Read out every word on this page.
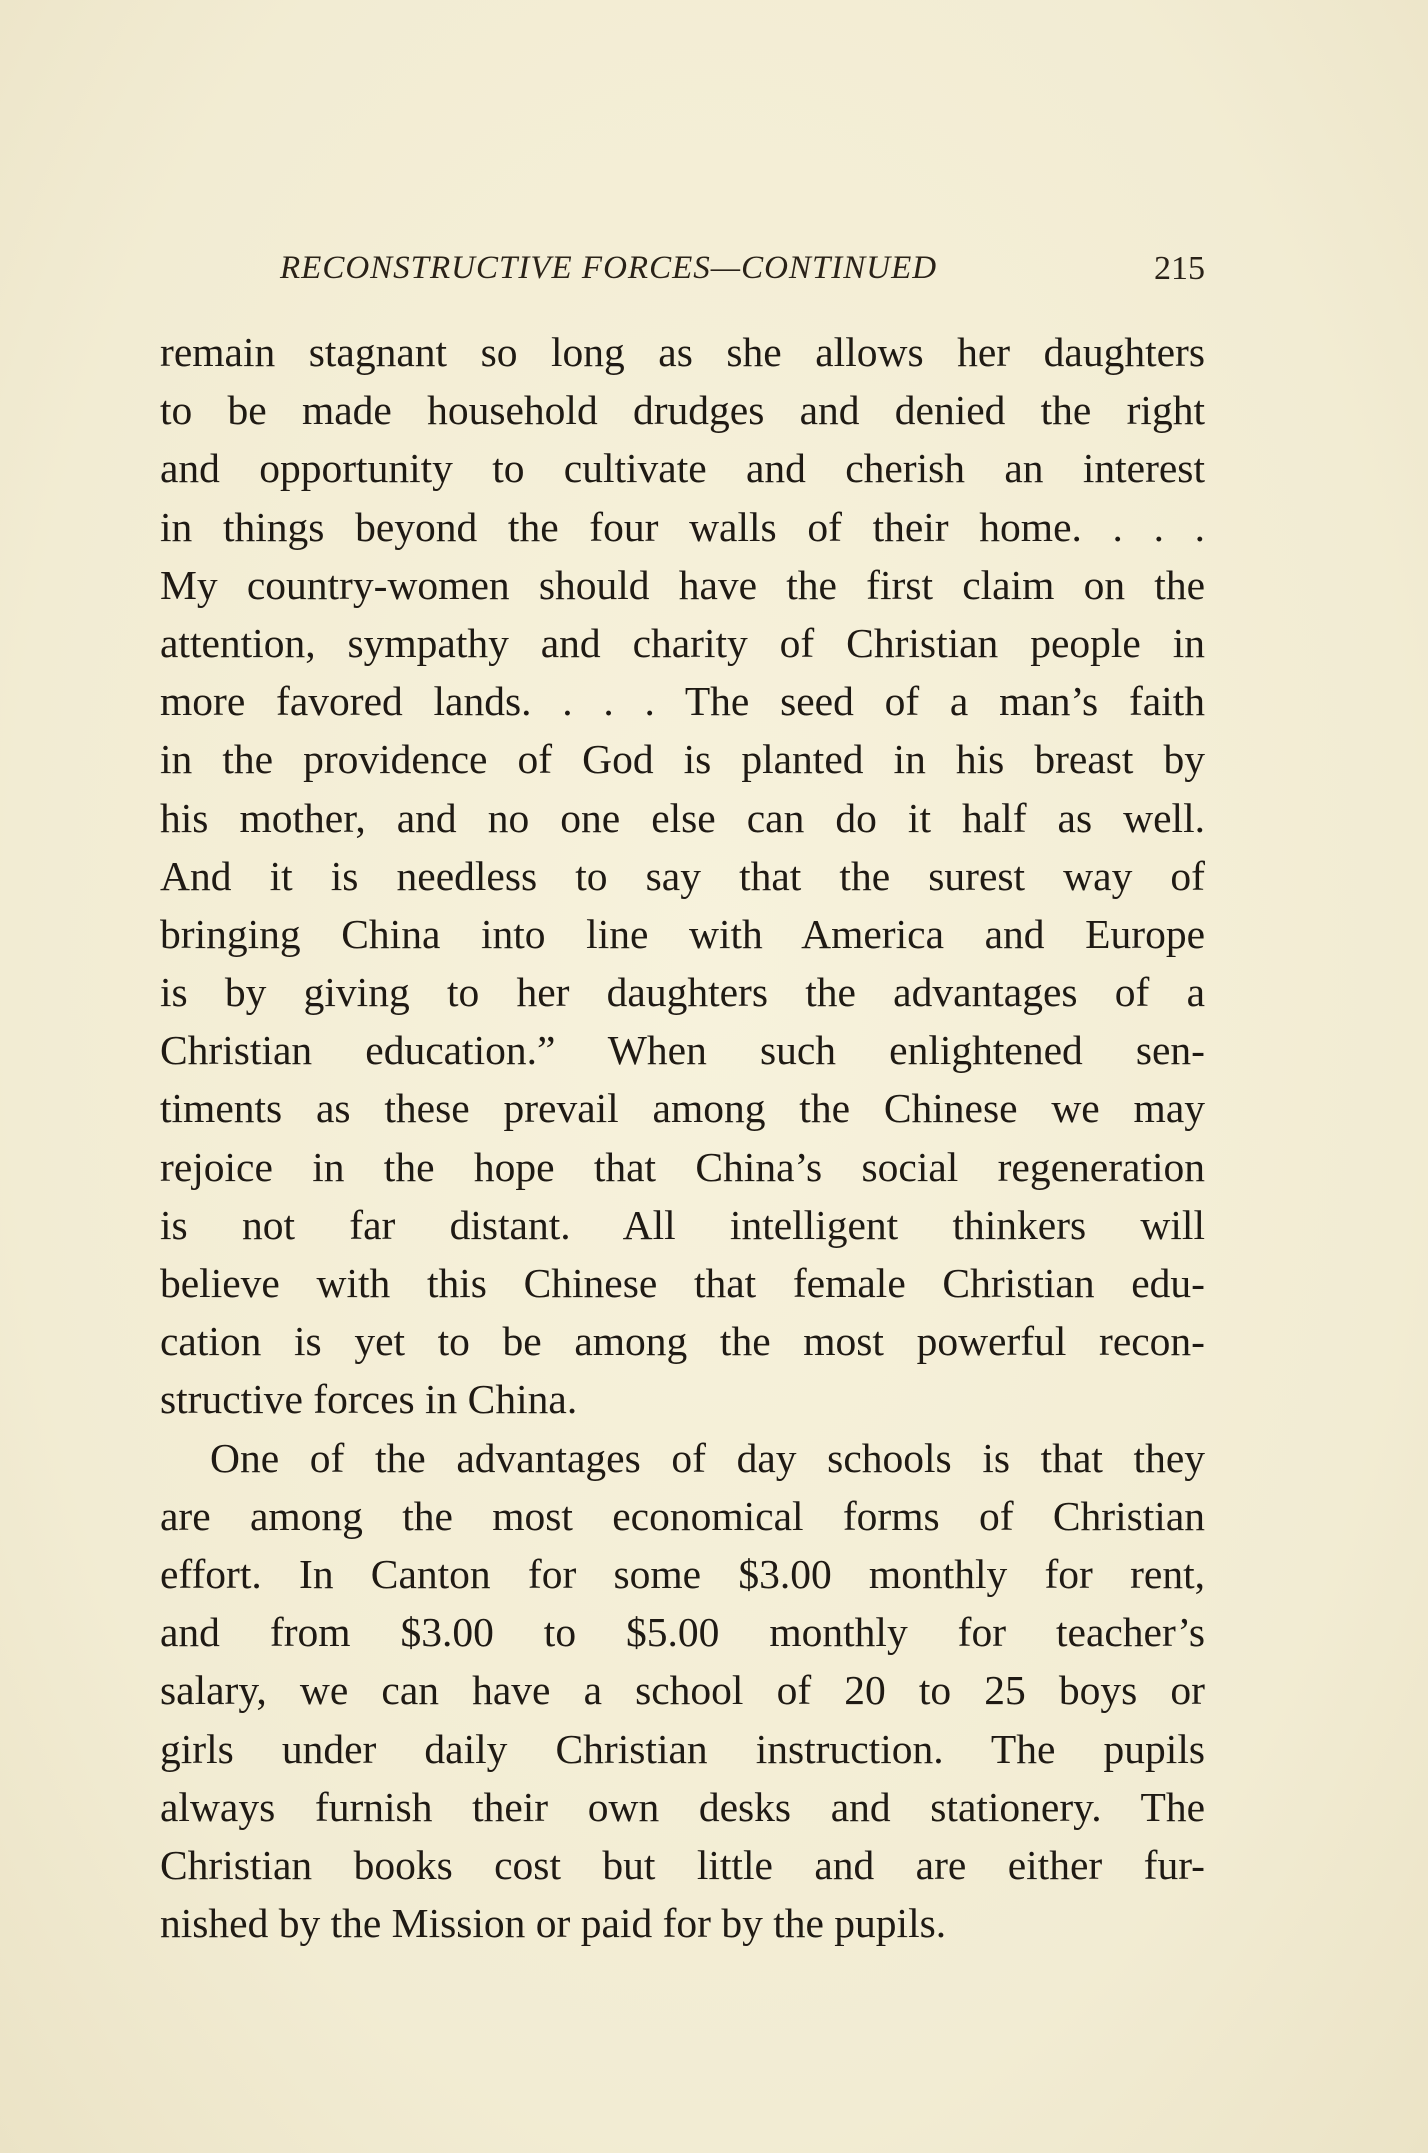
RECONSTRUCTIVE FORCES—CONTINUED	215
remain stagnant so long as she allows her daughters
to be made household drudges and denied the right
and opportunity to cultivate and cherish an interest
in things beyond the four walls of their home. . . .
My country-women should have the first claim on the
attention, sympathy and charity of Christian people in
more favored lands. . . . The seed of a man’s faith
in the providence of God is planted in his breast by
his mother, and no one else can do it half as well.
And it is needless to say that the surest way of
bringing China into line with America and Europe
is by giving to her daughters the advantages of a
Christian education.” When such enlightened sen-
timents as these prevail among the Chinese we may
rejoice in the hope that China’s social regeneration
is not far distant. All intelligent thinkers will
believe with this Chinese that female Christian edu-
cation is yet to be among the most powerful recon-
structive forces in China.
One of the advantages of day schools is that they
are among the most economical forms of Christian
effort. In Canton for some $3.00 monthly for rent,
and from $3.00 to $5.00 monthly for teacher’s
salary, we can have a school of 20 to 25 boys or
girls under daily Christian instruction. The pupils
always furnish their own desks and stationery. The
Christian books cost but little and are either fur-
nished by the Mission or paid for by the pupils.
